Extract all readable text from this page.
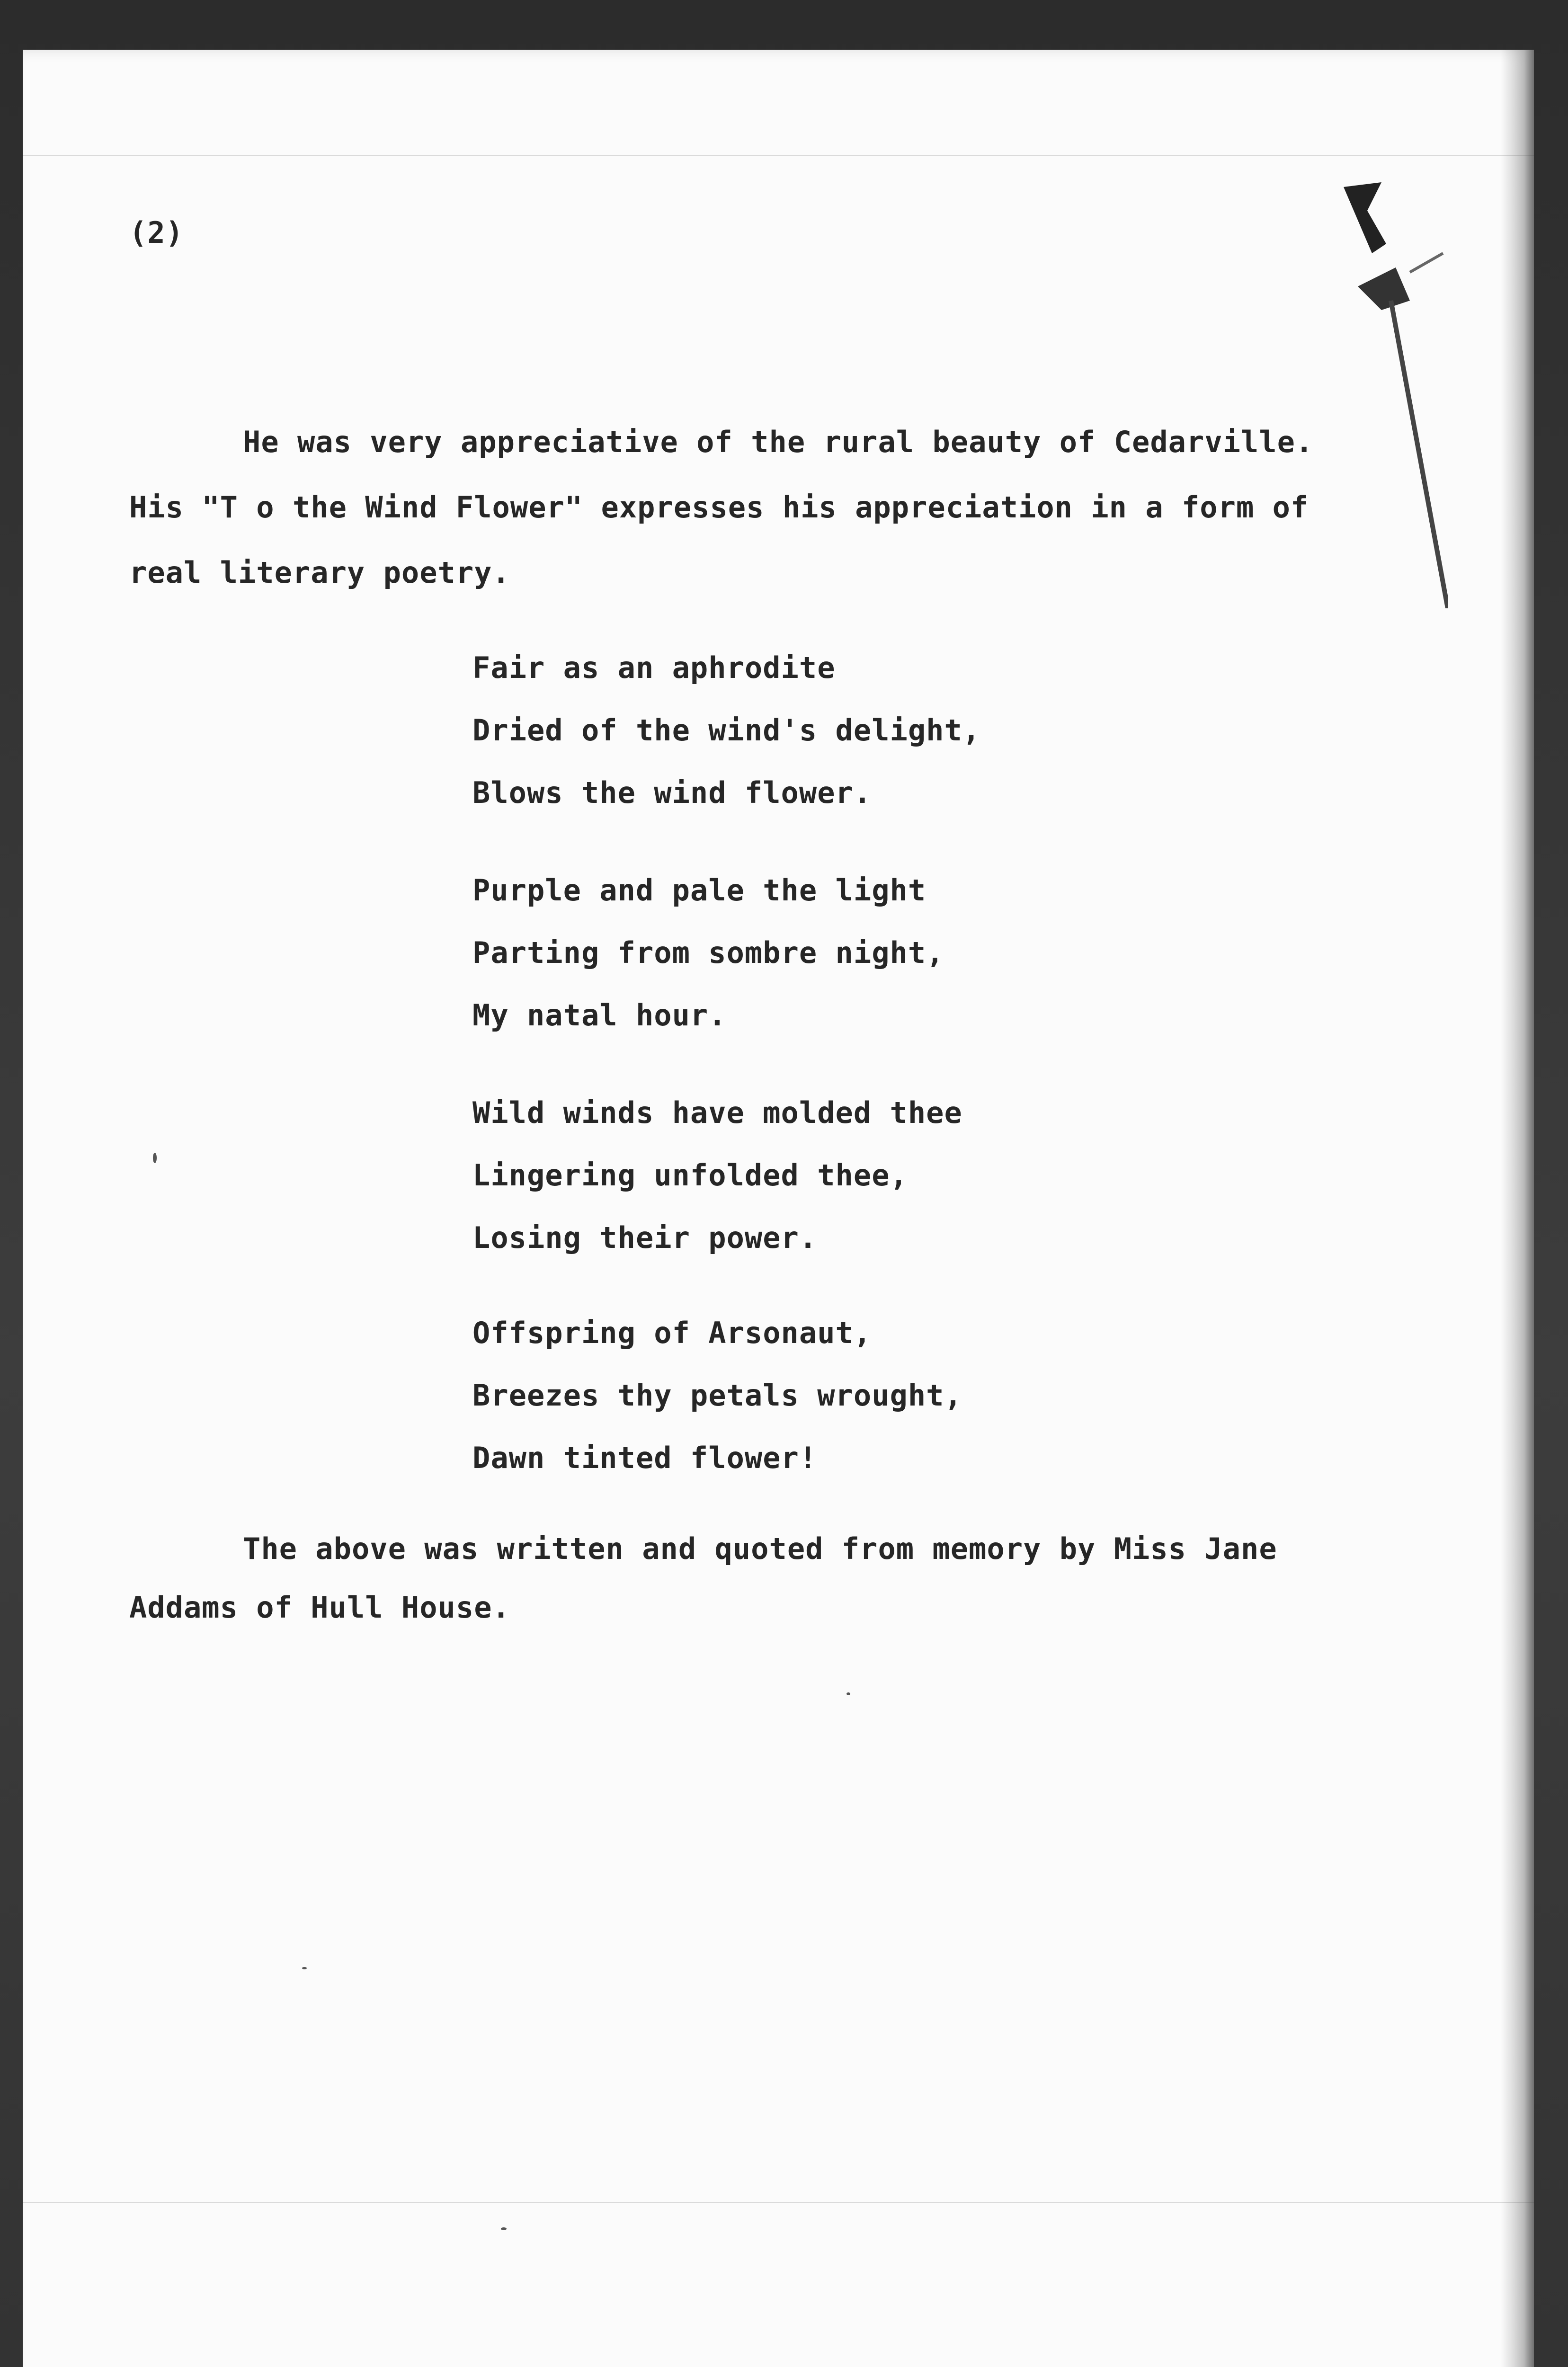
(2)
He was very appreciative of the rural beauty of Cedarville.
His "T o the Wind Flower" expresses his appreciation in a form of
real literary poetry.
Fair as an aphrodite
Dried of the wind's delight,
Blows the wind flower.
Purple and pale the light
Parting from sombre night,
My natal hour.
Wild winds have molded thee
Lingering unfolded thee,
Losing their power.
Offspring of Arsonaut,
Breezes thy petals wrought,
Dawn tinted flower!
The above was written and quoted from memory by Miss Jane
Addams of Hull House.
